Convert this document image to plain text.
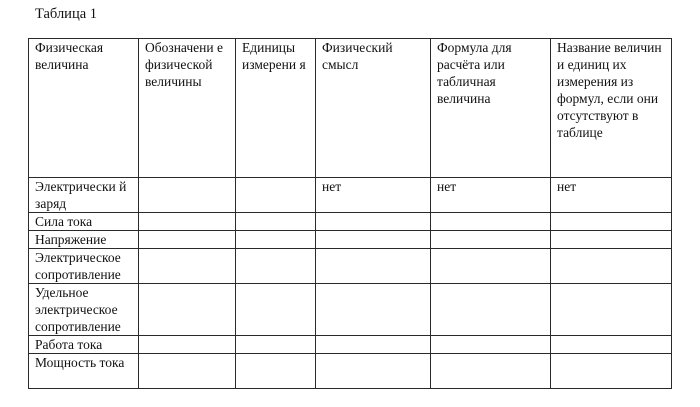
Таблица 1
Физическая величина	Обозначени е физической величины	Единицы измерени я	Физический смысл	Формула для расчёта или табличная величина	Название величин и единиц их измерения из формул, если они отсутствуют в таблице
Электрически й заряд			нет	нет	нет
Сила тока					
Напряжение					
Электрическое сопротивление					
Удельное электрическое сопротивление					
Работа тока					
Мощность тока					
